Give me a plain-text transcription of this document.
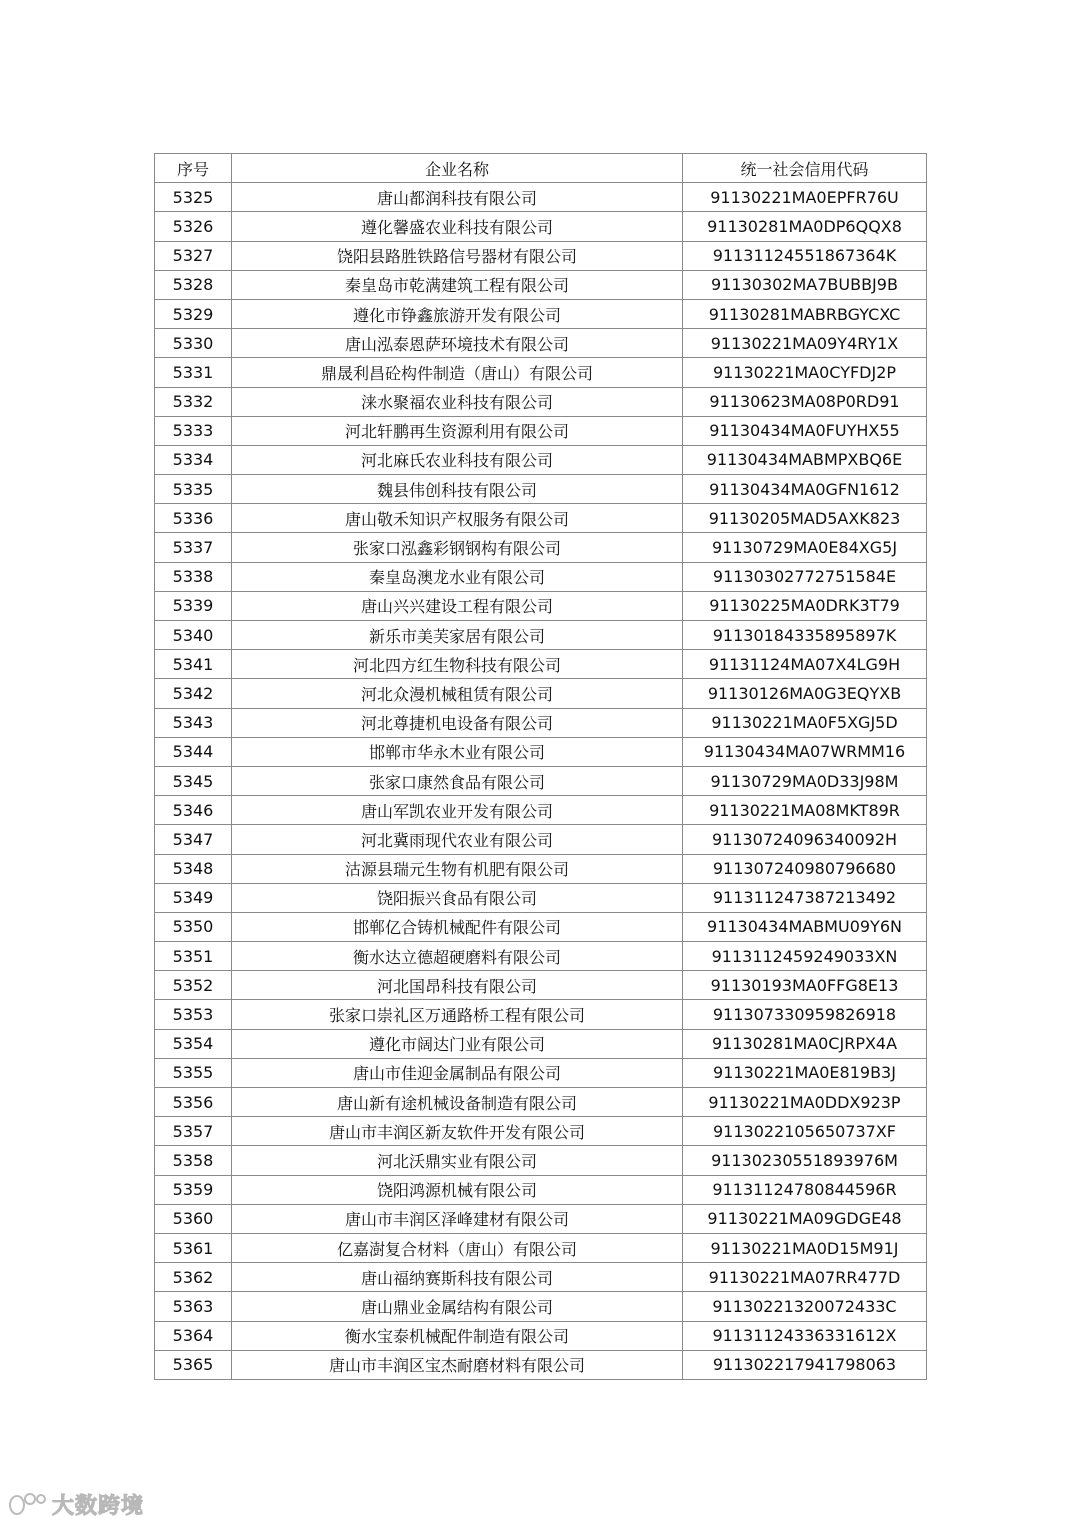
序号	企业名称	统一社会信用代码
5325	唐山都润科技有限公司	91130221MA0EPFR76U
5326	遵化馨盛农业科技有限公司	91130281MA0DP6QQX8
5327	饶阳县路胜铁路信号器材有限公司	91131124551867364K
5328	秦皇岛市乾满建筑工程有限公司	91130302MA7BUBBJ9B
5329	遵化市铮鑫旅游开发有限公司	91130281MABRBGYCXC
5330	唐山泓泰恩萨环境技术有限公司	91130221MA09Y4RY1X
5331	鼎晟利昌砼构件制造（唐山）有限公司	91130221MA0CYFDJ2P
5332	涞水聚福农业科技有限公司	91130623MA08P0RD91
5333	河北轩鹏再生资源利用有限公司	91130434MA0FUYHX55
5334	河北麻氏农业科技有限公司	91130434MABMPXBQ6E
5335	魏县伟创科技有限公司	91130434MA0GFN1612
5336	唐山敬禾知识产权服务有限公司	91130205MAD5AXK823
5337	张家口泓鑫彩钢钢构有限公司	91130729MA0E84XG5J
5338	秦皇岛澳龙水业有限公司	91130302772751584E
5339	唐山兴兴建设工程有限公司	91130225MA0DRK3T79
5340	新乐市美芙家居有限公司	91130184335895897K
5341	河北四方红生物科技有限公司	91131124MA07X4LG9H
5342	河北众漫机械租赁有限公司	91130126MA0G3EQYXB
5343	河北尊捷机电设备有限公司	91130221MA0F5XGJ5D
5344	邯郸市华永木业有限公司	91130434MA07WRMM16
5345	张家口康然食品有限公司	91130729MA0D33J98M
5346	唐山军凯农业开发有限公司	91130221MA08MKT89R
5347	河北冀雨现代农业有限公司	91130724096340092H
5348	沽源县瑞元生物有机肥有限公司	911307240980796680
5349	饶阳振兴食品有限公司	911311247387213492
5350	邯郸亿合铸机械配件有限公司	91130434MABMU09Y6N
5351	衡水达立德超硬磨料有限公司	9113112459249033XN
5352	河北国昂科技有限公司	91130193MA0FFG8E13
5353	张家口崇礼区万通路桥工程有限公司	911307330959826918
5354	遵化市阔达门业有限公司	91130281MA0CJRPX4A
5355	唐山市佳迎金属制品有限公司	91130221MA0E819B3J
5356	唐山新有途机械设备制造有限公司	91130221MA0DDX923P
5357	唐山市丰润区新友软件开发有限公司	9113022105650737XF
5358	河北沃鼎实业有限公司	91130230551893976M
5359	饶阳鸿源机械有限公司	91131124780844596R
5360	唐山市丰润区泽峰建材有限公司	91130221MA09GDGE48
5361	亿嘉澍复合材料（唐山）有限公司	91130221MA0D15M91J
5362	唐山福纳赛斯科技有限公司	91130221MA07RR477D
5363	唐山鼎业金属结构有限公司	91130221320072433C
5364	衡水宝泰机械配件制造有限公司	91131124336331612X
5365	唐山市丰润区宝杰耐磨材料有限公司	911302217941798063
大数跨境
